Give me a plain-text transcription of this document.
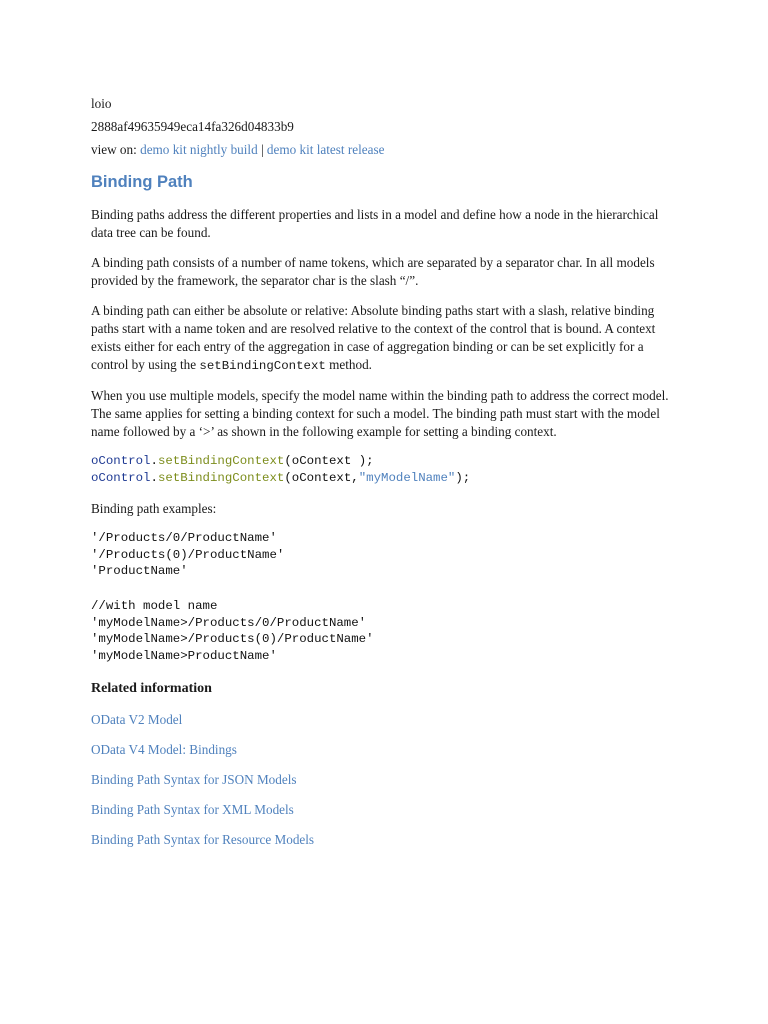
loio
2888af49635949eca14fa326d04833b9
view on: demo kit nightly build | demo kit latest release
Binding Path

Binding paths address the different properties and lists in a model and define how a node in the hierarchical data tree can be found.

A binding path consists of a number of name tokens, which are separated by a separator char. In all models provided by the framework, the separator char is the slash “/”.

A binding path can either be absolute or relative: Absolute binding paths start with a slash, relative binding paths start with a name token and are resolved relative to the context of the control that is bound. A context exists either for each entry of the aggregation in case of aggregation binding or can be set explicitly for a control by using the setBindingContext method.

When you use multiple models, specify the model name within the binding path to address the correct model. The same applies for setting a binding context for such a model. The binding path must start with the model name followed by a ‘>’ as shown in the following example for setting a binding context.

oControl.setBindingContext(oContext );
oControl.setBindingContext(oContext,"myModelName");

Binding path examples:

'/Products/0/ProductName'
'/Products(0)/ProductName'
'ProductName'
//with model name
'myModelName>/Products/0/ProductName'
'myModelName>/Products(0)/ProductName'
'myModelName>ProductName'
Related information
OData V2 Model
OData V4 Model: Bindings
Binding Path Syntax for JSON Models
Binding Path Syntax for XML Models
Binding Path Syntax for Resource Models
